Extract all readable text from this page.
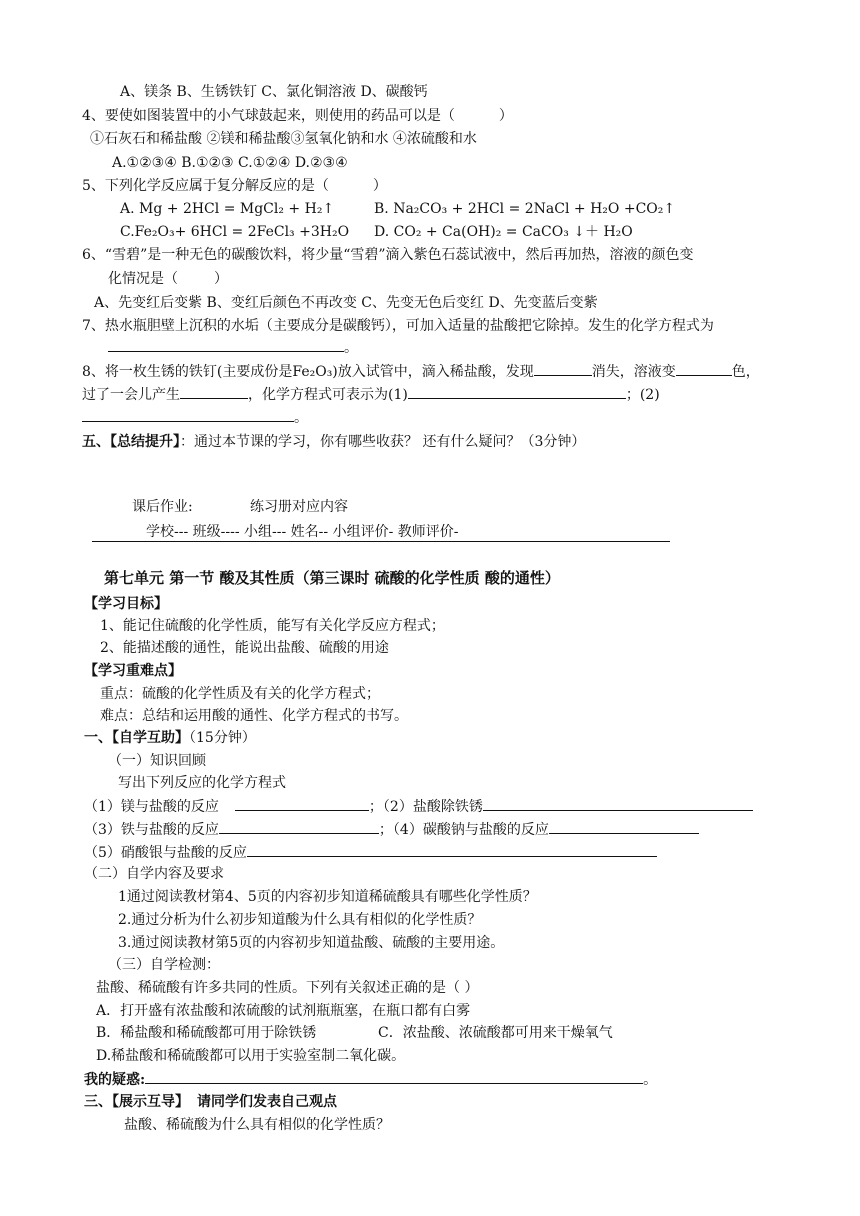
A、镁条 B、生锈铁钉 C、氯化铜溶液 D、碳酸钙
4、要使如图装置中的小气球鼓起来，则使用的药品可以是（	）
①石灰石和稀盐酸 ②镁和稀盐酸③氢氧化钠和水 ④浓硫酸和水
A.①②③④ B.①②③ C.①②④ D.②③④
5、下列化学反应属于复分解反应的是（	）
A. Mg + 2HCl = MgCl₂ + H₂↑	B. Na₂CO₃ + 2HCl = 2NaCl + H₂O +CO₂↑
C.Fe₂O₃+ 6HCl = 2FeCl₃ +3H₂O D. CO₂ + Ca(OH)₂ = CaCO₃ ↓＋ H₂O
6、“雪碧”是一种无色的碳酸饮料，将少量“雪碧”滴入紫色石蕊试液中，然后再加热，溶液的颜色变
化情况是（	）
A、先变红后变紫 B、变红后颜色不再改变 C、先变无色后变红 D、先变蓝后变紫
7、热水瓶胆壁上沉积的水垢（主要成分是碳酸钙），可加入适量的盐酸把它除掉。发生的化学方程式为
。
8、将一枚生锈的铁钉(主要成份是Fe₂O₃)放入试管中，滴入稀盐酸，发现	消失，溶液变	色，
过了一会儿产生	，化学方程式可表示为(1)	；(2)
。
五、【总结提升】：通过本节课的学习，你有哪些收获？ 还有什么疑问？（3分钟）
课后作业:	练习册对应内容
学校--- 班级---- 小组--- 姓名-- 小组评价- 教师评价-
第七单元 第一节 酸及其性质（第三课时 硫酸的化学性质 酸的通性）
【学习目标】
1、能记住硫酸的化学性质，能写有关化学反应方程式；
2、能描述酸的通性，能说出盐酸、硫酸的用途
【学习重难点】
重点：硫酸的化学性质及有关的化学方程式；
难点：总结和运用酸的通性、化学方程式的书写。
一、【自学互助】（15分钟）
（一）知识回顾
写出下列反应的化学方程式
（1）镁与盐酸的反应	；（2）盐酸除铁锈
（3）铁与盐酸的反应	；（4）碳酸钠与盐酸的反应
（5）硝酸银与盐酸的反应
（二）自学内容及要求
1通过阅读教材第4、5页的内容初步知道稀硫酸具有哪些化学性质？
2.通过分析为什么初步知道酸为什么具有相似的化学性质？
3.通过阅读教材第5页的内容初步知道盐酸、硫酸的主要用途。
（三）自学检测：
盐酸、稀硫酸有许多共同的性质。下列有关叙述正确的是（ ）
A．打开盛有浓盐酸和浓硫酸的试剂瓶瓶塞，在瓶口都有白雾
B．稀盐酸和稀硫酸都可用于除铁锈	C．浓盐酸、浓硫酸都可用来干燥氧气
D.稀盐酸和稀硫酸都可以用于实验室制二氧化碳。
我的疑惑:	。
三、【展示互导】 请同学们发表自己观点
盐酸、稀硫酸为什么具有相似的化学性质？
